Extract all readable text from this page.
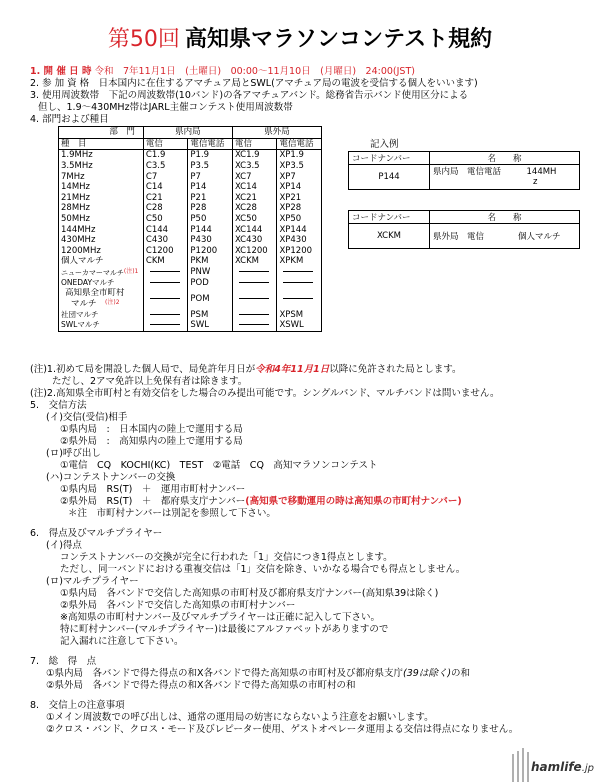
第50回 高知県マラソンコンテスト規約
1. 開 催 日 時 令和　7年11月1日　(土曜日)　00:00～11月10日　(月曜日)　24:00(JST)
2. 参 加 資 格　日本国内に在住するアマチュア局とSWL(アマチュア局の電波を受信する個人をいいます)
3. 使用周波数帯　下記の周波数帯(10バンド)の各アマチュアバンド。総務省告示バンド使用区分による
但し、1.9～430MHz帯はJARL主催コンテスト使用周波数帯
4. 部門および種目
部　門	県内局		県外局	
種　目	電信	電信電話	電信	電信電話
1.9MHz	C1.9	P1.9	XC1.9	XP1.9
3.5MHz	C3.5	P3.5	XC3.5	XP3.5
7MHz	C7	P7	XC7	XP7
14MHz	C14	P14	XC14	XP14
21MHz	C21	P21	XC21	XP21
28MHz	C28	P28	XC28	XP28
50MHz	C50	P50	XC50	XP50
144MHz	C144	P144	XC144	XP144
430MHz	C430	P430	XC430	XP430
1200MHz	C1200	P1200	XC1200	XP1200
個人マルチ	CKM	PKM	XCKM	XPKM
ニューカマーマルチ(注)1		PNW		
ONEDAYマルチ		POD		

高知県全市町村
マルチ　 $^{(注)2}$		POM		
社団マルチ		PSM		XPSM
SWLマルチ		SWL		XSWL
記入例
コードナンバー	名　　称
P144	県内局　電信電話　　　144MH
z
コードナンバー	名　　称
XCKM	県外局　電信　　　　個人マルチ
(注)1.初めて局を開設した個人局で、局免許年月日が令和4年11月1日以降に免許された局とします。
ただし、2アマ免許以上免保有者は除きます。
(注)2.高知県全市町村と有効交信をした場合のみ提出可能です。シングルバンド、マルチバンドは問いません。
5.　交信方法
(イ)交信(受信)相手
①県内局　:　日本国内の陸上で運用する局
②県外局　:　高知県内の陸上で運用する局
(ロ)呼び出し
①電信　CQ　KOCHI(KC)　TEST　②電話　CQ　高知マラソンコンテスト
(ハ)コンテストナンバーの交換
①県内局　RS(T)　＋　運用市町村ナンバー
②県外局　RS(T)　＋　都府県支庁ナンバー(高知県で移動運用の時は高知県の市町村ナンバー)
＊注　市町村ナンバーは別記を参照して下さい。
6.　得点及びマルチプライヤー
(イ)得点
コンテストナンバーの交換が完全に行われた「1」交信につき1得点とします。
ただし、同一バンドにおける重複交信は「1」交信を除き、いかなる場合でも得点としません。
(ロ)マルチプライヤー
①県内局　各バンドで交信した高知県の市町村及び都府県支庁ナンバー(高知県39は除く)
②県外局　各バンドで交信した高知県の市町村ナンバー
※高知県の市町村ナンバー及びマルチプライヤーは正確に記入して下さい。
特に町村ナンバー(マルチプライヤー)は最後にアルファベットがありますので
記入漏れに注意して下さい。
7.　総　得　点
①県内局　各バンドで得た得点の和X各バンドで得た高知県の市町村及び都府県支庁(39は除く)の和
②県外局　各バンドで得た得点の和X各バンドで得た高知県の市町村の和
8.　交信上の注意事項
①メイン周波数での呼び出しは、通常の運用局の妨害にならないよう注意をお願いします。
②クロス・バンド、クロス・モード及びレピーター使用、ゲストオペレータ運用よる交信は得点になりません。
hamlife.jp
